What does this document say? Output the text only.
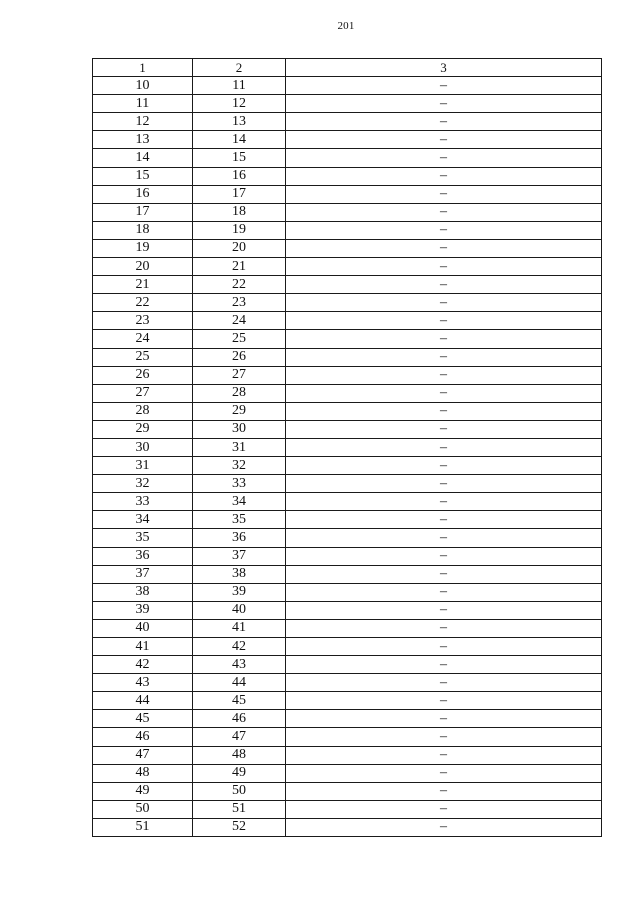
201
1	2	3
10	11	–
11	12	–
12	13	–
13	14	–
14	15	–
15	16	–
16	17	–
17	18	–
18	19	–
19	20	–
20	21	–
21	22	–
22	23	–
23	24	–
24	25	–
25	26	–
26	27	–
27	28	–
28	29	–
29	30	–
30	31	–
31	32	–
32	33	–
33	34	–
34	35	–
35	36	–
36	37	–
37	38	–
38	39	–
39	40	–
40	41	–
41	42	–
42	43	–
43	44	–
44	45	–
45	46	–
46	47	–
47	48	–
48	49	–
49	50	–
50	51	–
51	52	–
